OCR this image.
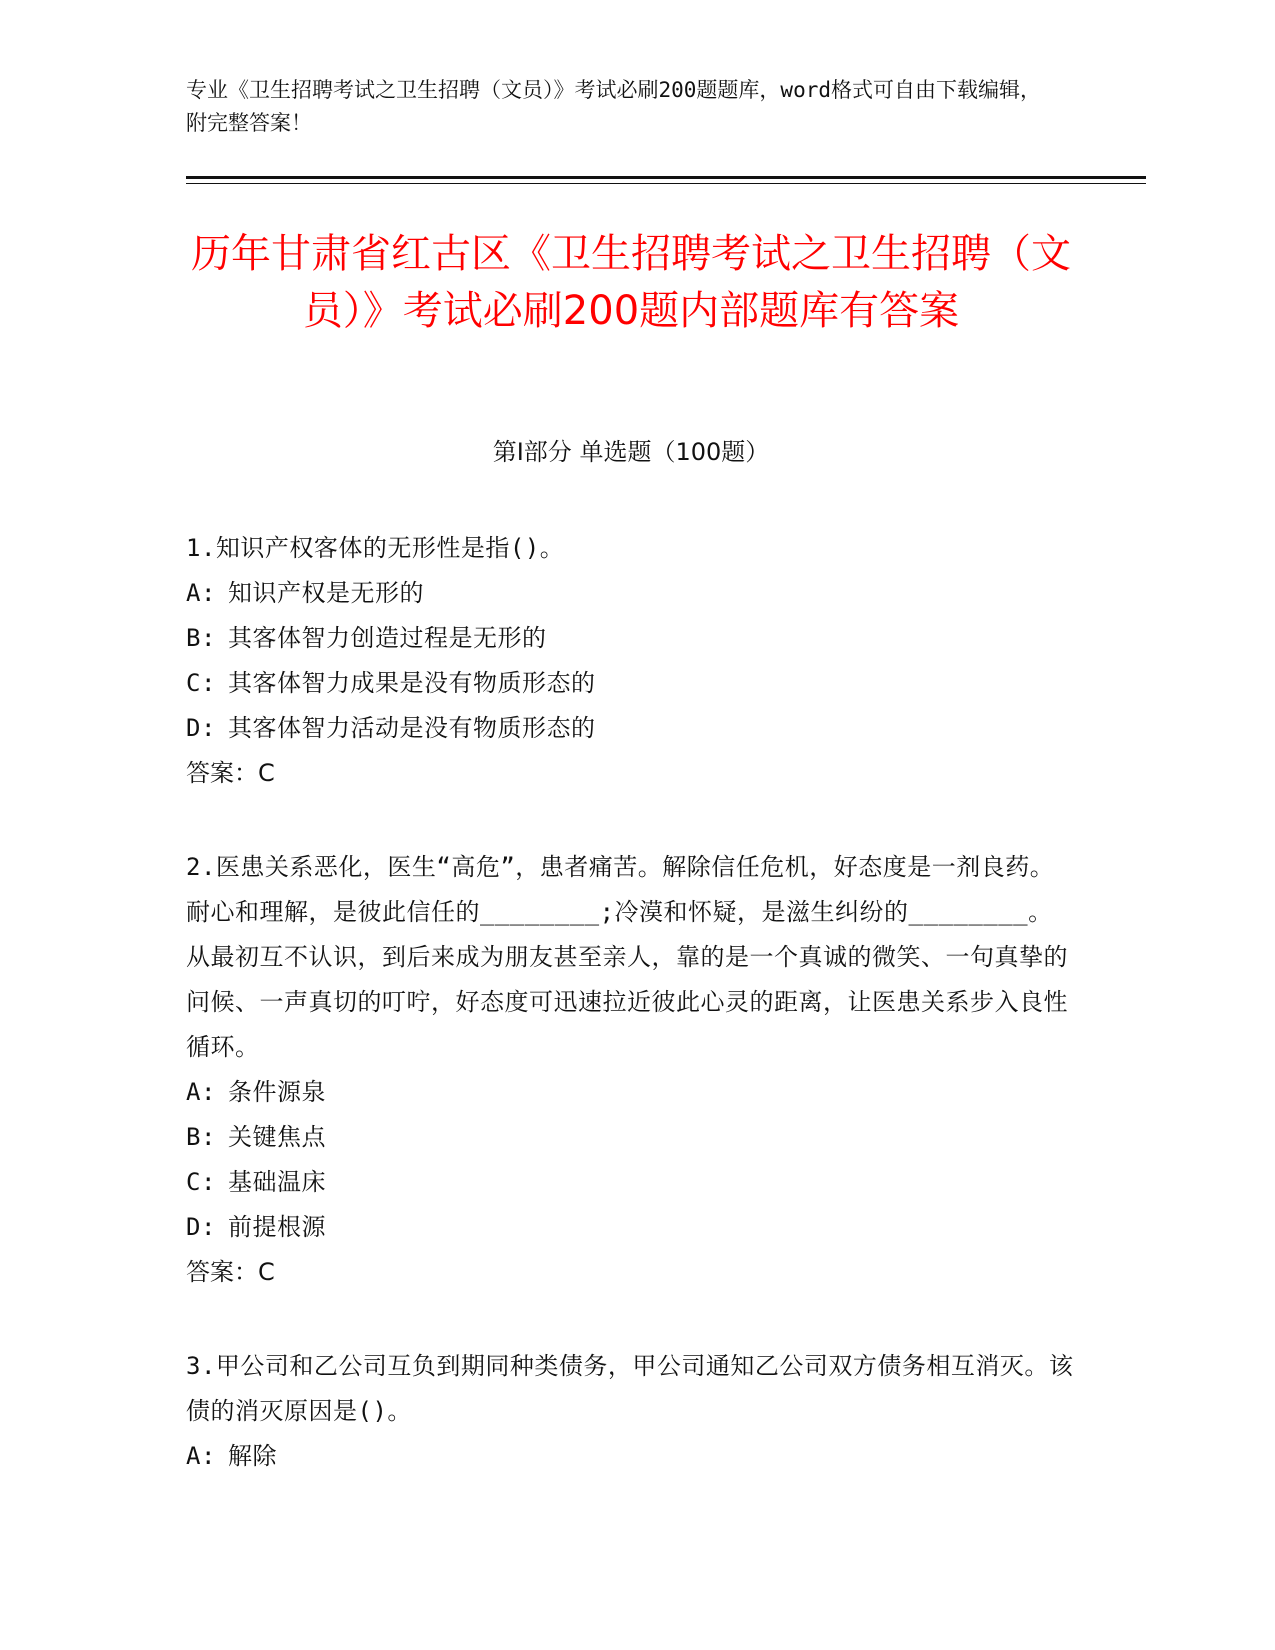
专业《卫生招聘考试之卫生招聘（文员）》考试必刷200题题库，word格式可自由下载编辑，附完整答案！
历年甘肃省红古区《卫生招聘考试之卫生招聘（文员）》考试必刷200题内部题库有答案
第I部分 单选题（100题）
1.知识产权客体的无形性是指()。
A: 知识产权是无形的
B: 其客体智力创造过程是无形的
C: 其客体智力成果是没有物质形态的
D: 其客体智力活动是没有物质形态的
答案：C
2.医患关系恶化，医生“高危”，患者痛苦。解除信任危机，好态度是一剂良药。耐心和理解，是彼此信任的________;冷漠和怀疑，是滋生纠纷的________。从最初互不认识，到后来成为朋友甚至亲人，靠的是一个真诚的微笑、一句真挚的问候、一声真切的叮咛，好态度可迅速拉近彼此心灵的距离，让医患关系步入良性循环。
A: 条件源泉
B: 关键焦点
C: 基础温床
D: 前提根源
答案：C
3.甲公司和乙公司互负到期同种类债务，甲公司通知乙公司双方债务相互消灭。该债的消灭原因是()。
A: 解除
